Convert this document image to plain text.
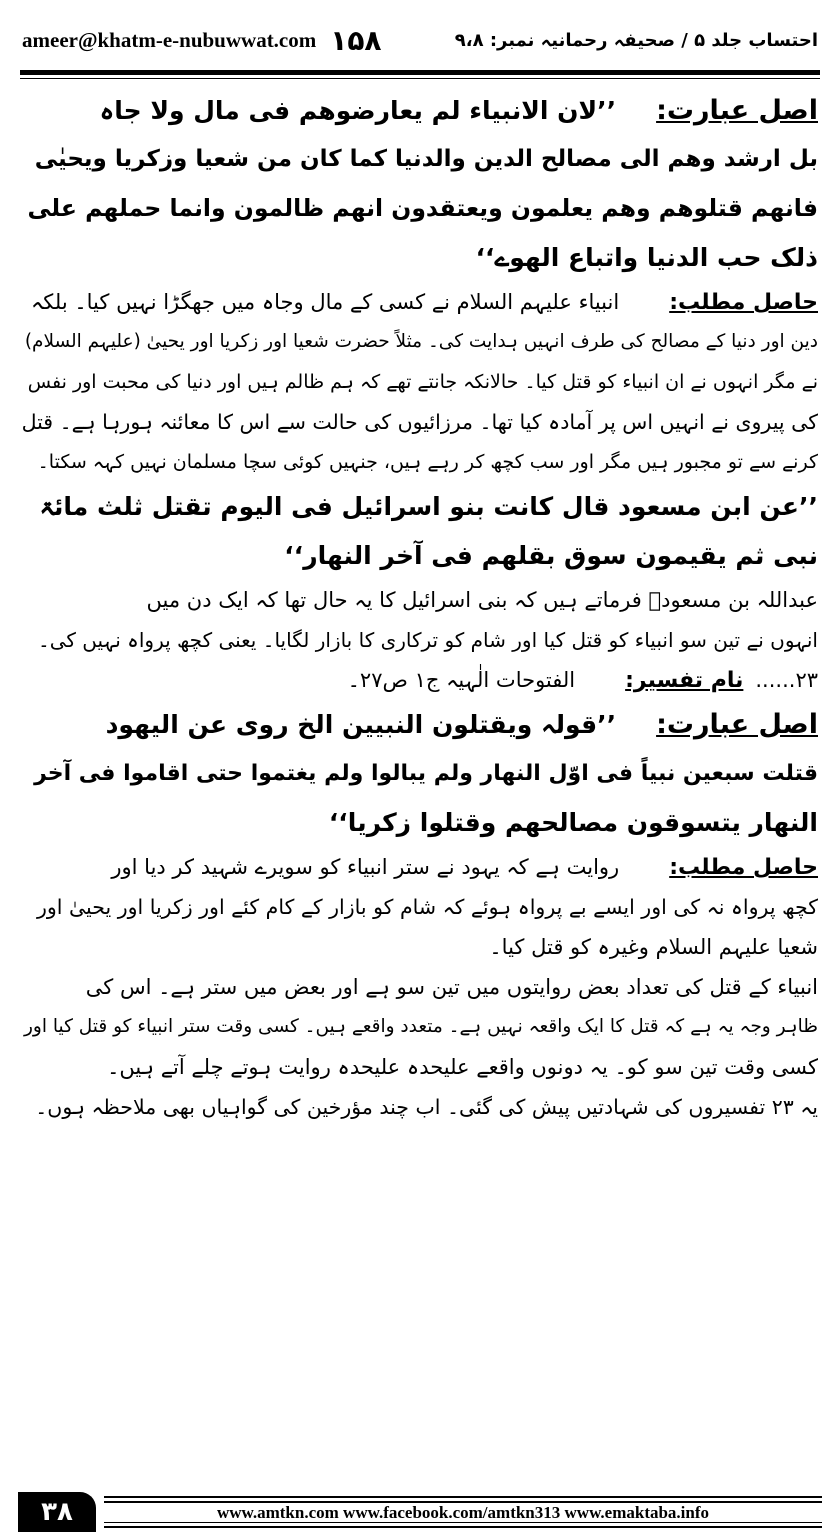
ameer@khatm-e-nubuwwat.com ۱۵۸	احتساب جلد ۵ / صحیفہ رحمانیہ نمبر: ۹،۸
اصل عبارت:’’لان الانبیاء لم یعارضوھم فی مال ولا جاہ
بل ارشد وھم الی مصالح الدین والدنیا کما کان من شعیا وزکریا ویحیٰی
فانھم قتلوھم وھم یعلمون ویعتقدون انھم ظالمون وانما حملھم علی
ذلک حب الدنیا واتباع الھوے‘‘
حاصل مطلب:انبیاء علیہم السلام نے کسی کے مال وجاہ میں جھگڑا نہیں کیا۔ بلکہ
دین اور دنیا کے مصالح کی طرف انہیں ہدایت کی۔ مثلاً حضرت شعیا اور زکریا اور یحییٰ (علیہم السلام)
نے مگر انہوں نے ان انبیاء کو قتل کیا۔ حالانکہ جانتے تھے کہ ہم ظالم ہیں اور دنیا کی محبت اور نفس
کی پیروی نے انہیں اس پر آمادہ کیا تھا۔ مرزائیوں کی حالت سے اس کا معائنہ ہورہا ہے۔ قتل
کرنے سے تو مجبور ہیں مگر اور سب کچھ کر رہے ہیں، جنہیں کوئی سچا مسلمان نہیں کہہ سکتا۔
’’عن ابن مسعود قال کانت بنو اسرائیل فی الیوم تقتل ثلث مائۃ
نبی ثم یقیمون سوق بقلھم فی آخر النھار‘‘
عبداللہ بن مسعودؓ فرماتے ہیں کہ بنی اسرائیل کا یہ حال تھا کہ ایک دن میں
انہوں نے تین سو انبیاء کو قتل کیا اور شام کو ترکاری کا بازار لگایا۔ یعنی کچھ پرواہ نہیں کی۔
۲۳......نام تفسیر:الفتوحات الٰہیہ ج۱ ص۲۷۔
اصل عبارت:’’قولہ ویقتلون النبیین الخ روی عن الیھود
قتلت سبعین نبیاً فی اوّل النھار ولم یبالوا ولم یغتموا حتی اقاموا فی آخر
النھار یتسوقون مصالحھم وقتلوا زکریا‘‘
حاصل مطلب:روایت ہے کہ یہود نے ستر انبیاء کو سویرے شہید کر دیا اور
کچھ پرواہ نہ کی اور ایسے بے پرواہ ہوئے کہ شام کو بازار کے کام کئے اور زکریا اور یحییٰ اور
شعیا علیہم السلام وغیرہ کو قتل کیا۔
انبیاء کے قتل کی تعداد بعض روایتوں میں تین سو ہے اور بعض میں ستر ہے۔ اس کی
ظاہر وجہ یہ ہے کہ قتل کا ایک واقعہ نہیں ہے۔ متعدد واقعے ہیں۔ کسی وقت ستر انبیاء کو قتل کیا اور
کسی وقت تین سو کو۔ یہ دونوں واقعے علیحدہ علیحدہ روایت ہوتے چلے آتے ہیں۔
یہ ۲۳ تفسیروں کی شہادتیں پیش کی گئی۔ اب چند مؤرخین کی گواہیاں بھی ملاحظہ ہوں۔
۳۸	www.amtkn.com www.facebook.com/amtkn313 www.emaktaba.info
